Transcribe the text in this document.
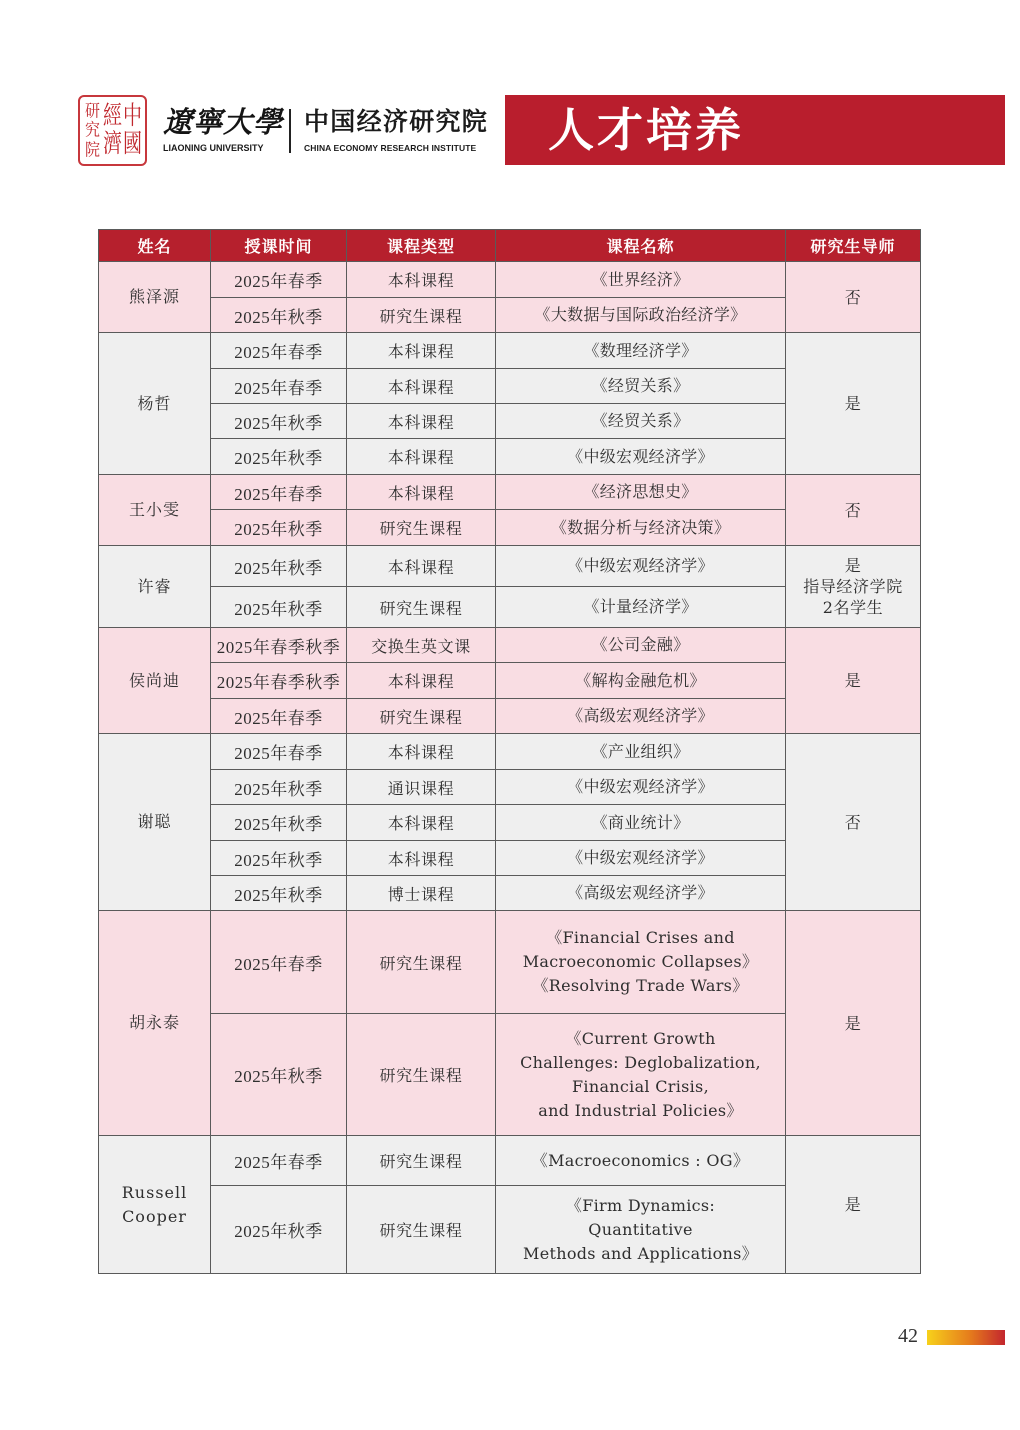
中
國
經
濟
研
究
院
遼寧大學
LIAONING UNIVERSITY
中国经济研究院
CHINA ECONOMY RESEARCH INSTITUTE	人才培养
姓名	授课时间	课程类型	课程名称	研究生导师
熊泽源
2025年春季	本科课程	《世界经济》
2025年秋季	研究生课程	《大数据与国际政治经济学》
否
杨哲
2025年春季	本科课程	《数理经济学》
2025年春季	本科课程	《经贸关系》
2025年秋季	本科课程	《经贸关系》
2025年秋季	本科课程	《中级宏观经济学》
是
王小雯
2025年春季	本科课程	《经济思想史》
2025年秋季	研究生课程	《数据分析与经济决策》
否
许睿
2025年秋季	本科课程	《中级宏观经济学》
2025年秋季	研究生课程	《计量经济学》
是
指导经济学院
2名学生
侯尚迪
2025年春季秋季 交换生英文课	《公司金融》
2025年春季秋季	本科课程	《解构金融危机》
2025年春季	研究生课程	《高级宏观经济学》
是
谢聪
2025年春季	本科课程	《产业组织》
2025年秋季	通识课程	《中级宏观经济学》
2025年秋季	本科课程	《商业统计》
2025年秋季	本科课程	《中级宏观经济学》
2025年秋季	博士课程	《高级宏观经济学》
否
胡永泰
2025年春季	研究生课程
《Financial Crises and
Macroeconomic Collapses》
《Resolving Trade Wars》
2025年秋季	研究生课程
《Current Growth
Challenges: Deglobalization,
Financial Crisis,
and Industrial Policies》
是
Russell Cooper
2025年春季	研究生课程	《Macroeconomics : OG》
2025年秋季	研究生课程
《Firm Dynamics:
Quantitative
Methods and Applications》
是
42
